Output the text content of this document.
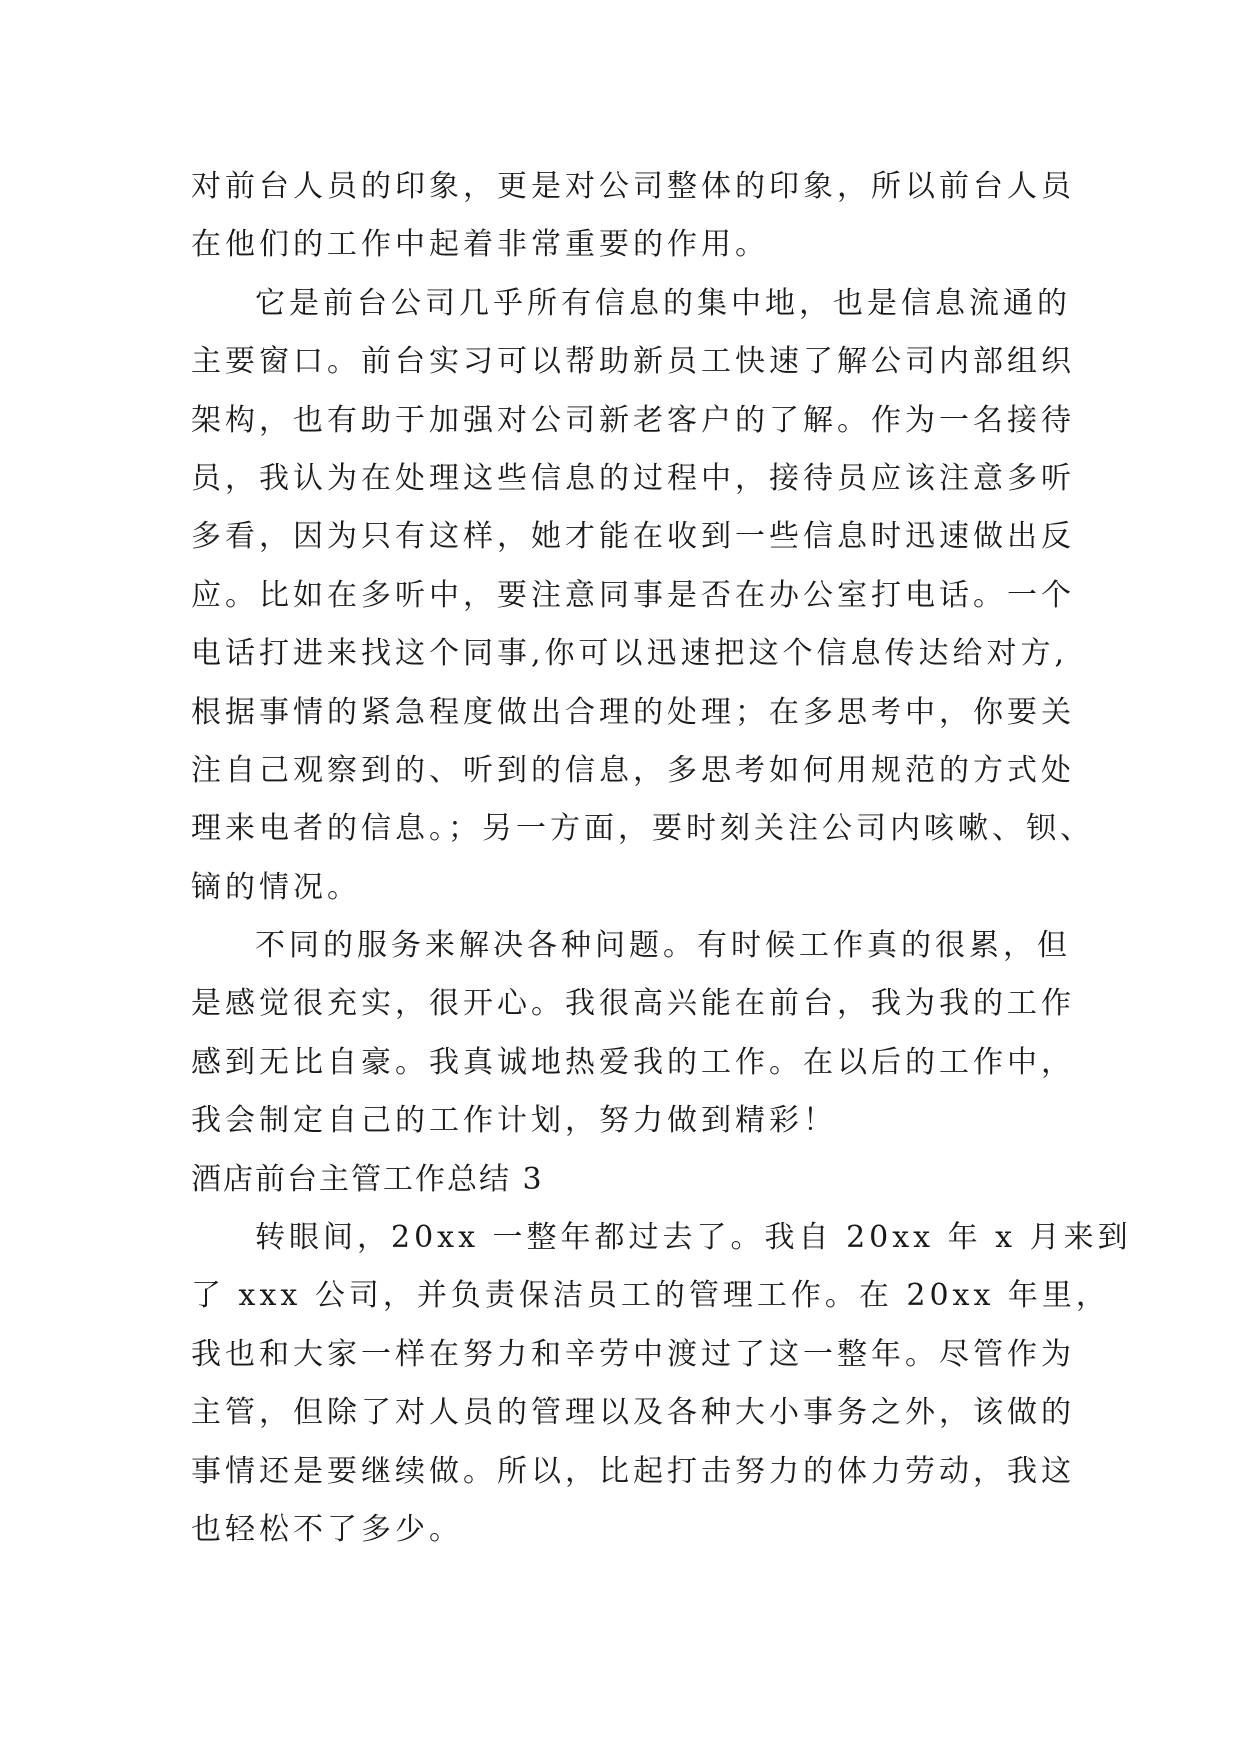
对前台人员的印象，更是对公司整体的印象，所以前台人员
在他们的工作中起着非常重要的作用。
它是前台公司几乎所有信息的集中地，也是信息流通的
主要窗口。前台实习可以帮助新员工快速了解公司内部组织
架构，也有助于加强对公司新老客户的了解。作为一名接待
员，我认为在处理这些信息的过程中，接待员应该注意多听
多看，因为只有这样，她才能在收到一些信息时迅速做出反
应。比如在多听中，要注意同事是否在办公室打电话。一个
电话打进来找这个同事,你可以迅速把这个信息传达给对方,
根据事情的紧急程度做出合理的处理；在多思考中，你要关
注自己观察到的、听到的信息，多思考如何用规范的方式处
理来电者的信息。；另一方面，要时刻关注公司内咳嗽、钡、
镝的情况。
不同的服务来解决各种问题。有时候工作真的很累，但
是感觉很充实，很开心。我很高兴能在前台，我为我的工作
感到无比自豪。我真诚地热爱我的工作。在以后的工作中，
我会制定自己的工作计划，努力做到精彩！
酒店前台主管工作总结 3
转眼间，20xx 一整年都过去了。我自 20xx 年 x 月来到
了 xxx 公司，并负责保洁员工的管理工作。在 20xx 年里，
我也和大家一样在努力和辛劳中渡过了这一整年。尽管作为
主管，但除了对人员的管理以及各种大小事务之外，该做的
事情还是要继续做。所以，比起打击努力的体力劳动，我这
也轻松不了多少。
